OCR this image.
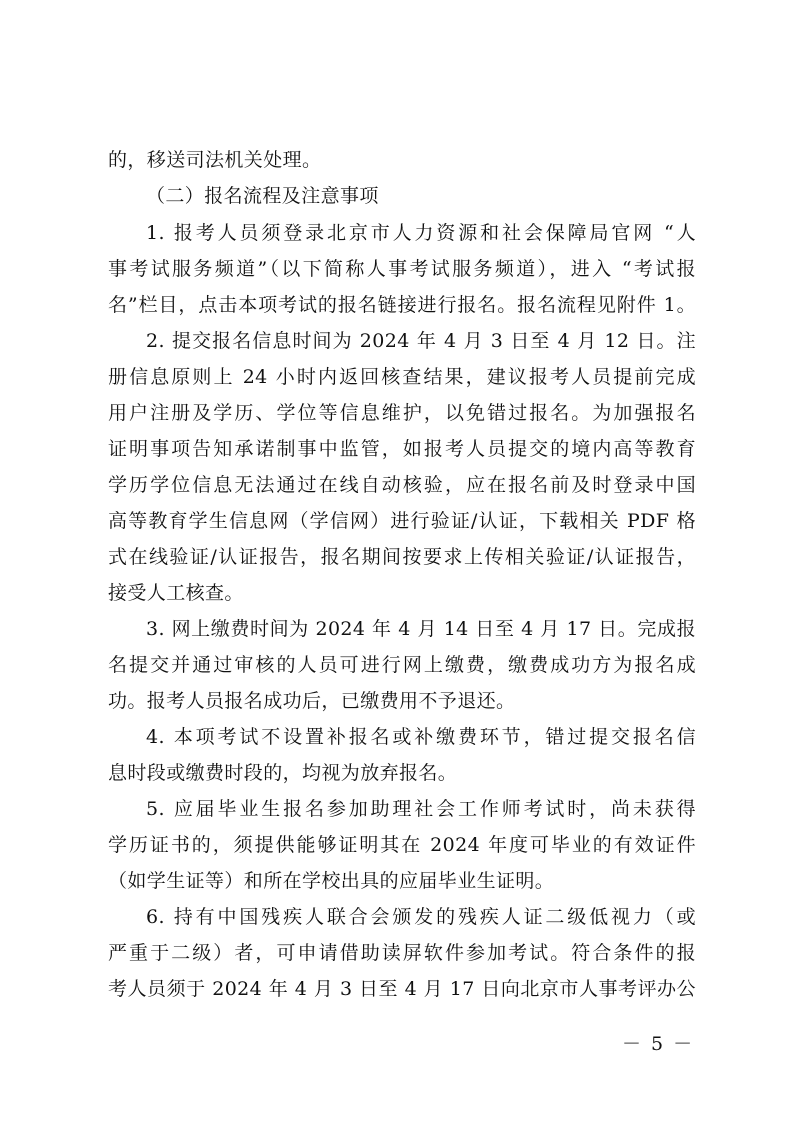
的，移送司法机关处理。
（二）报名流程及注意事项
1. 报考人员须登录北京市人力资源和社会保障局官网 “人
事考试服务频道”（以下简称人事考试服务频道），进入 “考试报
名”栏目，点击本项考试的报名链接进行报名。报名流程见附件 1。
2. 提交报名信息时间为 2024 年 4 月 3 日至 4 月 12 日。注
册信息原则上 24 小时内返回核查结果，建议报考人员提前完成
用户注册及学历、学位等信息维护，以免错过报名。为加强报名
证明事项告知承诺制事中监管，如报考人员提交的境内高等教育
学历学位信息无法通过在线自动核验，应在报名前及时登录中国
高等教育学生信息网（学信网）进行验证/认证，下载相关 PDF 格
式在线验证/认证报告，报名期间按要求上传相关验证/认证报告，
接受人工核查。
3. 网上缴费时间为 2024 年 4 月 14 日至 4 月 17 日。完成报
名提交并通过审核的人员可进行网上缴费，缴费成功方为报名成
功。报考人员报名成功后，已缴费用不予退还。
4. 本项考试不设置补报名或补缴费环节，错过提交报名信
息时段或缴费时段的，均视为放弃报名。
5. 应届毕业生报名参加助理社会工作师考试时，尚未获得
学历证书的，须提供能够证明其在 2024 年度可毕业的有效证件
（如学生证等）和所在学校出具的应届毕业生证明。
6. 持有中国残疾人联合会颁发的残疾人证二级低视力（或
严重于二级）者，可申请借助读屏软件参加考试。符合条件的报
考人员须于 2024 年 4 月 3 日至 4 月 17 日向北京市人事考评办公
－ 5 －
